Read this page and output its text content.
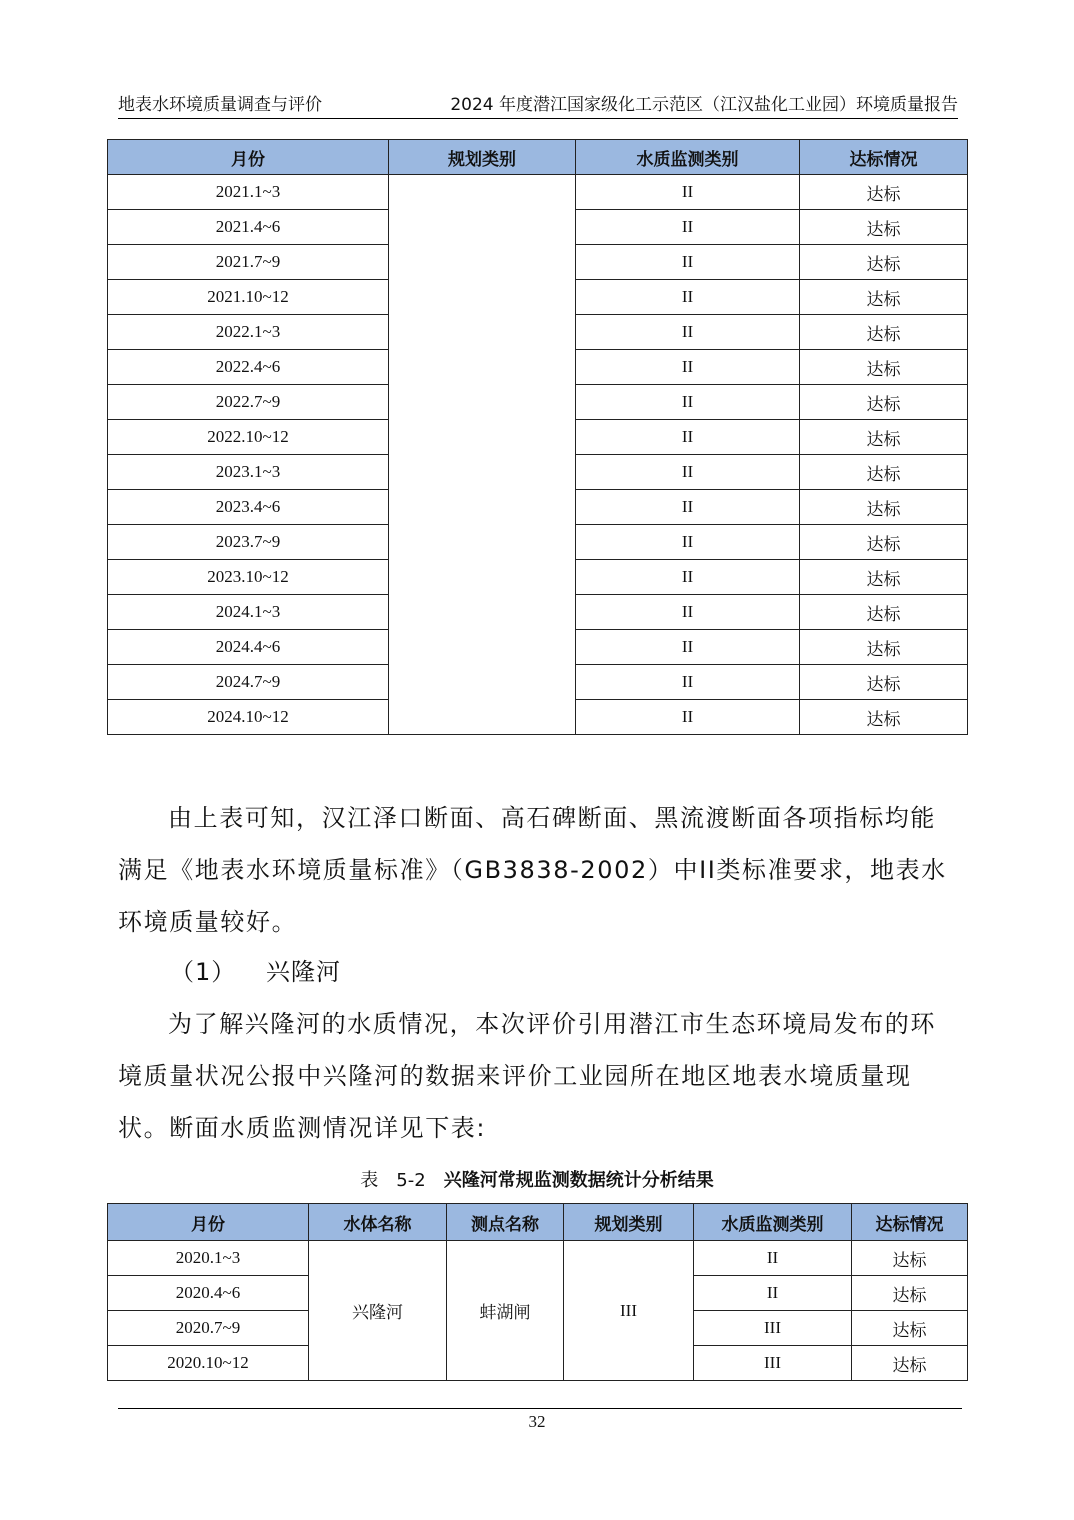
地表水环境质量调查与评价	2024 年度潜江国家级化工示范区（江汉盐化工业园）环境质量报告
月份	规划类别	水质监测类别	达标情况
2021.1~3		II	达标
2021.4~6		II	达标
2021.7~9		II	达标
2021.10~12		II	达标
2022.1~3		II	达标
2022.4~6		II	达标
2022.7~9		II	达标
2022.10~12		II	达标
2023.1~3		II	达标
2023.4~6		II	达标
2023.7~9		II	达标
2023.10~12		II	达标
2024.1~3		II	达标
2024.4~6		II	达标
2024.7~9		II	达标
2024.10~12		II	达标

由上表可知，汉江泽口断面、高石碑断面、黑流渡断面各项指标均能满足《地表水环境质量标准》（GB3838-2002）中II类标准要求，地表水环境质量较好。

（1） 兴隆河

为了解兴隆河的水质情况，本次评价引用潜江市生态环境局发布的环境质量状况公报中兴隆河的数据来评价工业园所在地区地表水境质量现状。断面水质监测情况详见下表:

表　5-2　 兴隆河常规监测数据统计分析结果
月份	水体名称	测点名称	规划类别	水质监测类别	达标情况
2020.1~3	兴隆河	蚌湖闸	III	II	达标
2020.4~6				II	达标
2020.7~9				III	达标
2020.10~12				III	达标
32
